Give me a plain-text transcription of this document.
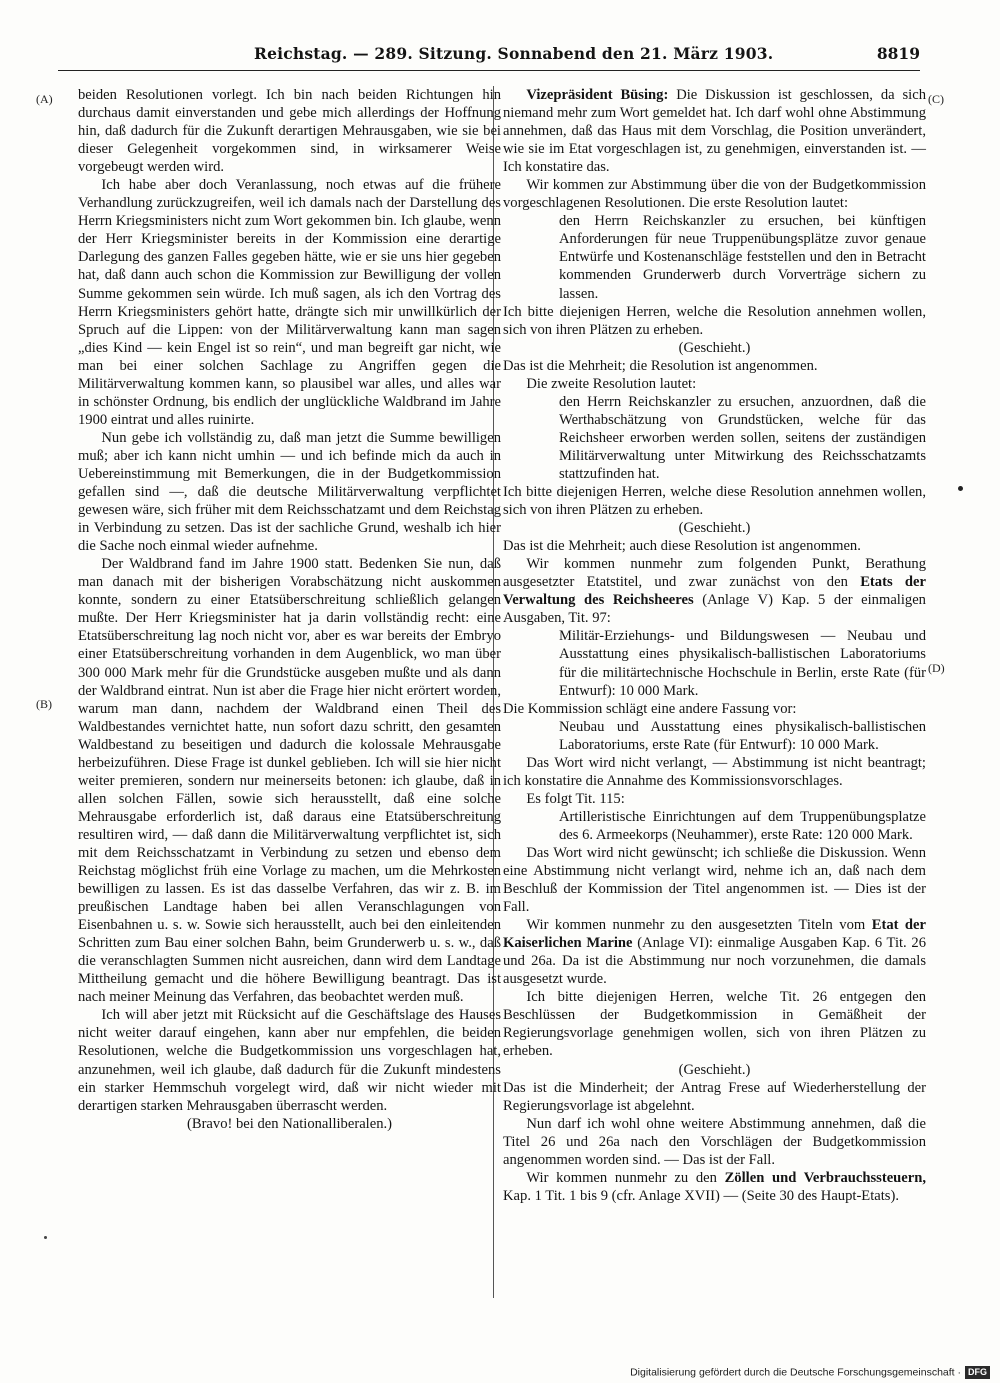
Reichstag. — 289. Sitzung. Sonnabend den 21. März 1903.	8819
(A)
(B)
(C)
(D)

beiden Resolutionen vorlegt. Ich bin nach beiden Richtungen hin durchaus damit einverstanden und gebe mich allerdings der Hoffnung hin, daß dadurch für die Zukunft derartigen Mehrausgaben, wie sie bei dieser Gelegenheit vorgekommen sind, in wirksamerer Weise vorgebeugt werden wird.

Ich habe aber doch Veranlassung, noch etwas auf die frühere Verhandlung zurückzugreifen, weil ich damals nach der Darstellung des Herrn Kriegsministers nicht zum Wort gekommen bin. Ich glaube, wenn der Herr Kriegsminister bereits in der Kommission eine derartige Darlegung des ganzen Falles gegeben hätte, wie er sie uns hier gegeben hat, daß dann auch schon die Kommission zur Bewilligung der vollen Summe gekommen sein würde. Ich muß sagen, als ich den Vortrag des Herrn Kriegsministers gehört hatte, drängte sich mir unwillkürlich der Spruch auf die Lippen: von der Militärverwaltung kann man sagen „dies Kind — kein Engel ist so rein“, und man begreift gar nicht, wie man bei einer solchen Sachlage zu Angriffen gegen die Militärverwaltung kommen kann, so plausibel war alles, und alles war in schönster Ordnung, bis endlich der unglückliche Waldbrand im Jahre 1900 eintrat und alles ruinirte.

Nun gebe ich vollständig zu, daß man jetzt die Summe bewilligen muß; aber ich kann nicht umhin — und ich befinde mich da auch in Uebereinstimmung mit Bemerkungen, die in der Budgetkommission gefallen sind —, daß die deutsche Militärverwaltung verpflichtet gewesen wäre, sich früher mit dem Reichsschatzamt und dem Reichstag in Verbindung zu setzen. Das ist der sachliche Grund, weshalb ich hier die Sache noch einmal wieder aufnehme.

Der Waldbrand fand im Jahre 1900 statt. Bedenken Sie nun, daß man danach mit der bisherigen Vorabschätzung nicht auskommen konnte, sondern zu einer Etatsüberschreitung schließlich gelangen mußte. Der Herr Kriegsminister hat ja darin vollständig recht: eine Etatsüberschreitung lag noch nicht vor, aber es war bereits der Embryo einer Etatsüberschreitung vorhanden in dem Augenblick, wo man über 300 000 Mark mehr für die Grundstücke ausgeben mußte und als dann der Waldbrand eintrat. Nun ist aber die Frage hier nicht erörtert worden, warum man dann, nachdem der Waldbrand einen Theil des Waldbestandes vernichtet hatte, nun sofort dazu schritt, den gesamten Waldbestand zu beseitigen und dadurch die kolossale Mehrausgabe herbeizuführen. Diese Frage ist dunkel geblieben. Ich will sie hier nicht weiter premieren, sondern nur meinerseits betonen: ich glaube, daß in allen solchen Fällen, sowie sich herausstellt, daß eine solche Mehrausgabe erforderlich ist, daß daraus eine Etatsüberschreitung resultiren wird, — daß dann die Militärverwaltung verpflichtet ist, sich mit dem Reichsschatzamt in Verbindung zu setzen und ebenso dem Reichstag möglichst früh eine Vorlage zu machen, um die Mehrkosten bewilligen zu lassen. Es ist das dasselbe Verfahren, das wir z. B. im preußischen Landtage haben bei allen Veranschlagungen von Eisenbahnen u. s. w. Sowie sich herausstellt, auch bei den einleitenden Schritten zum Bau einer solchen Bahn, beim Grunderwerb u. s. w., daß die veranschlagten Summen nicht ausreichen, dann wird dem Landtage Mittheilung gemacht und die höhere Bewilligung beantragt. Das ist nach meiner Meinung das Verfahren, das beobachtet werden muß.

Ich will aber jetzt mit Rücksicht auf die Geschäftslage des Hauses nicht weiter darauf eingehen, kann aber nur empfehlen, die beiden Resolutionen, welche die Budgetkommission uns vorgeschlagen hat, anzunehmen, weil ich glaube, daß dadurch für die Zukunft mindestens ein starker Hemmschuh vorgelegt wird, daß wir nicht wieder mit derartigen starken Mehrausgaben überrascht werden.

(Bravo! bei den Nationalliberalen.)

Vizepräsident Büsing: Die Diskussion ist geschlossen, da sich niemand mehr zum Wort gemeldet hat. Ich darf wohl ohne Abstimmung annehmen, daß das Haus mit dem Vorschlag, die Position unverändert, wie sie im Etat vorgeschlagen ist, zu genehmigen, einverstanden ist. — Ich konstatire das.

Wir kommen zur Abstimmung über die von der Budgetkommission vorgeschlagenen Resolutionen. Die erste Resolution lautet:

den Herrn Reichskanzler zu ersuchen, bei künftigen Anforderungen für neue Truppenübungsplätze zuvor genaue Entwürfe und Kostenanschläge feststellen und den in Betracht kommenden Grunderwerb durch Vorverträge sichern zu lassen.

Ich bitte diejenigen Herren, welche die Resolution annehmen wollen, sich von ihren Plätzen zu erheben.

(Geschieht.)

Das ist die Mehrheit; die Resolution ist angenommen.

Die zweite Resolution lautet:

den Herrn Reichskanzler zu ersuchen, anzuordnen, daß die Werthabschätzung von Grundstücken, welche für das Reichsheer erworben werden sollen, seitens der zuständigen Militärverwaltung unter Mitwirkung des Reichsschatzamts stattzufinden hat.

Ich bitte diejenigen Herren, welche diese Resolution annehmen wollen, sich von ihren Plätzen zu erheben.

(Geschieht.)

Das ist die Mehrheit; auch diese Resolution ist angenommen.

Wir kommen nunmehr zum folgenden Punkt, Berathung ausgesetzter Etatstitel, und zwar zunächst von den Etats der Verwaltung des Reichsheeres (Anlage V) Kap. 5 der einmaligen Ausgaben, Tit. 97:

Militär-Erziehungs- und Bildungswesen — Neubau und Ausstattung eines physikalisch-ballistischen Laboratoriums für die militärtechnische Hochschule in Berlin, erste Rate (für Entwurf): 10 000 Mark.

Die Kommission schlägt eine andere Fassung vor:

Neubau und Ausstattung eines physikalisch-ballistischen Laboratoriums, erste Rate (für Entwurf): 10 000 Mark.

Das Wort wird nicht verlangt, — Abstimmung ist nicht beantragt; ich konstatire die Annahme des Kommissionsvorschlages.

Es folgt Tit. 115:

Artilleristische Einrichtungen auf dem Truppenübungsplatze des 6. Armeekorps (Neuhammer), erste Rate: 120 000 Mark.

Das Wort wird nicht gewünscht; ich schließe die Diskussion. Wenn eine Abstimmung nicht verlangt wird, nehme ich an, daß nach dem Beschluß der Kommission der Titel angenommen ist. — Dies ist der Fall.

Wir kommen nunmehr zu den ausgesetzten Titeln vom Etat der Kaiserlichen Marine (Anlage VI): einmalige Ausgaben Kap. 6 Tit. 26 und 26a. Da ist die Abstimmung nur noch vorzunehmen, die damals ausgesetzt wurde.

Ich bitte diejenigen Herren, welche Tit. 26 entgegen den Beschlüssen der Budgetkommission in Gemäßheit der Regierungsvorlage genehmigen wollen, sich von ihren Plätzen zu erheben.

(Geschieht.)

Das ist die Minderheit; der Antrag Frese auf Wiederherstellung der Regierungsvorlage ist abgelehnt.

Nun darf ich wohl ohne weitere Abstimmung annehmen, daß die Titel 26 und 26a nach den Vorschlägen der Budgetkommission angenommen worden sind. — Das ist der Fall.

Wir kommen nunmehr zu den Zöllen und Verbrauchssteuern, Kap. 1 Tit. 1 bis 9 (cfr. Anlage XVII) — (Seite 30 des Haupt-Etats).

Digitalisierung gefördert durch die Deutsche Forschungsgemeinschaft · DFG
